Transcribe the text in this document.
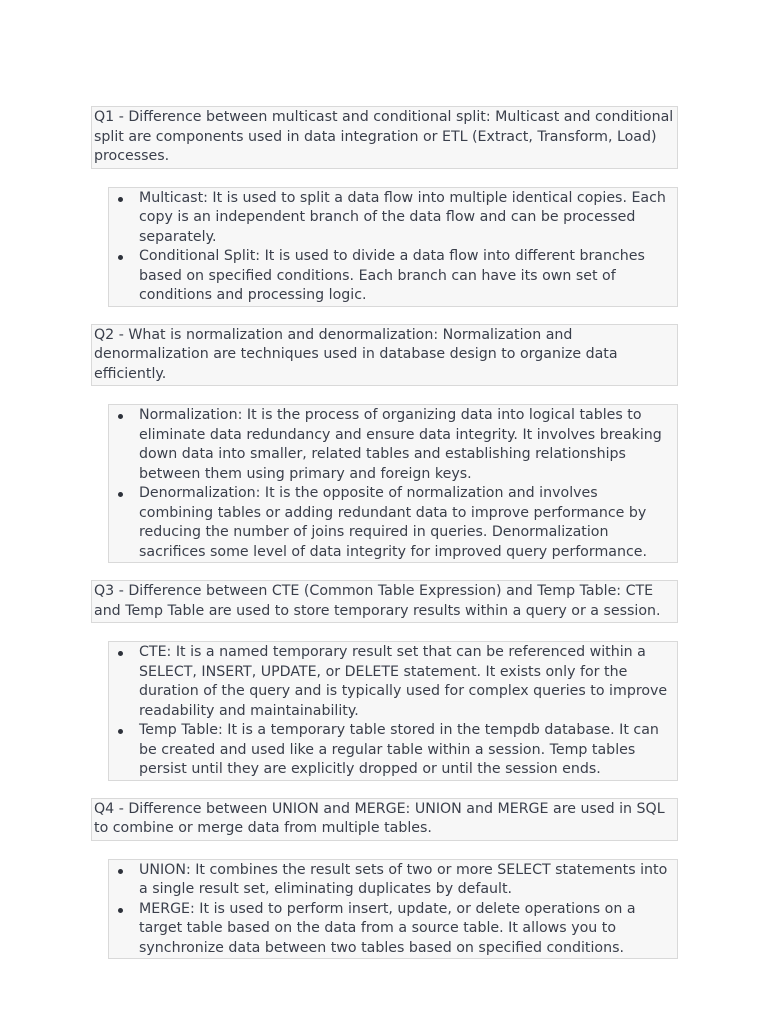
Q1 - Difference between multicast and conditional split: Multicast and conditional split are components used in data integration or ETL (Extract, Transform, Load) processes.

Multicast: It is used to split a data flow into multiple identical copies. Each copy is an independent branch of the data flow and can be processed separately.
Conditional Split: It is used to divide a data flow into different branches based on specified conditions. Each branch can have its own set of conditions and processing logic.

Q2 - What is normalization and denormalization: Normalization and denormalization are techniques used in database design to organize data efficiently.

Normalization: It is the process of organizing data into logical tables to eliminate data redundancy and ensure data integrity. It involves breaking down data into smaller, related tables and establishing relationships between them using primary and foreign keys.
Denormalization: It is the opposite of normalization and involves combining tables or adding redundant data to improve performance by reducing the number of joins required in queries. Denormalization sacrifices some level of data integrity for improved query performance.

Q3 - Difference between CTE (Common Table Expression) and Temp Table: CTE and Temp Table are used to store temporary results within a query or a session.

CTE: It is a named temporary result set that can be referenced within a SELECT, INSERT, UPDATE, or DELETE statement. It exists only for the duration of the query and is typically used for complex queries to improve readability and maintainability.
Temp Table: It is a temporary table stored in the tempdb database. It can be created and used like a regular table within a session. Temp tables persist until they are explicitly dropped or until the session ends.

Q4 - Difference between UNION and MERGE: UNION and MERGE are used in SQL to combine or merge data from multiple tables.

UNION: It combines the result sets of two or more SELECT statements into a single result set, eliminating duplicates by default.
MERGE: It is used to perform insert, update, or delete operations on a target table based on the data from a source table. It allows you to synchronize data between two tables based on specified conditions.
